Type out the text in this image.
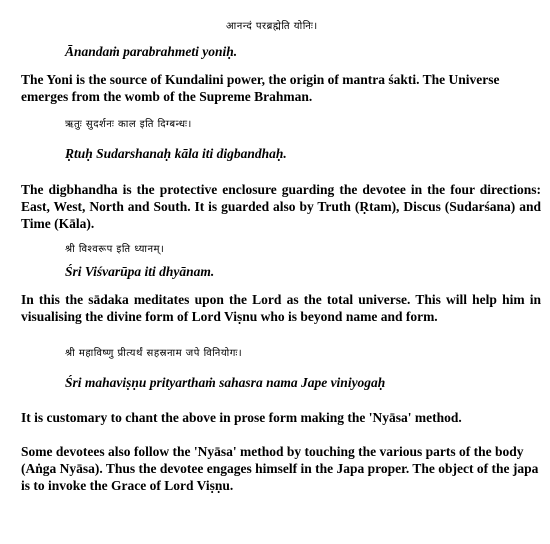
आनन्दं परब्रह्मेति योनिः।
Ānandaṁ parabrahmeti yoniḥ.
The Yoni is the source of Kundalini power, the origin of mantra śakti. The Universe emerges from the womb of the Supreme Brahman.
ऋतुः सुदर्शनः काल इति दिग्बन्धः।
Ṛtuḥ Sudarshanaḥ kāla iti digbandhaḥ.
The digbhandha is the protective enclosure guarding the devotee in the four directions: East, West, North and South. It is guarded also by Truth (Ṛtam), Discus (Sudarśana) and Time (Kāla).
श्री विश्वरूप इति ध्यानम्।
Śri Viśvarūpa iti dhyānam.
In this the sādaka meditates upon the Lord as the total universe. This will help him in visualising the divine form of Lord Viṣnu who is beyond name and form.
श्री महाविष्णु प्रीत्यर्थं सहस्रनाम जपे विनियोगः।
Śri mahaviṣṇu prityarthaṁ sahasra nama Jape viniyogaḥ
It is customary to chant the above in prose form making the 'Nyāsa' method.
Some devotees also follow the 'Nyāsa' method by touching the various parts of the body (Aṅga Nyāsa). Thus the devotee engages himself in the Japa proper. The object of the japa is to invoke the Grace of Lord Viṣṇu.
